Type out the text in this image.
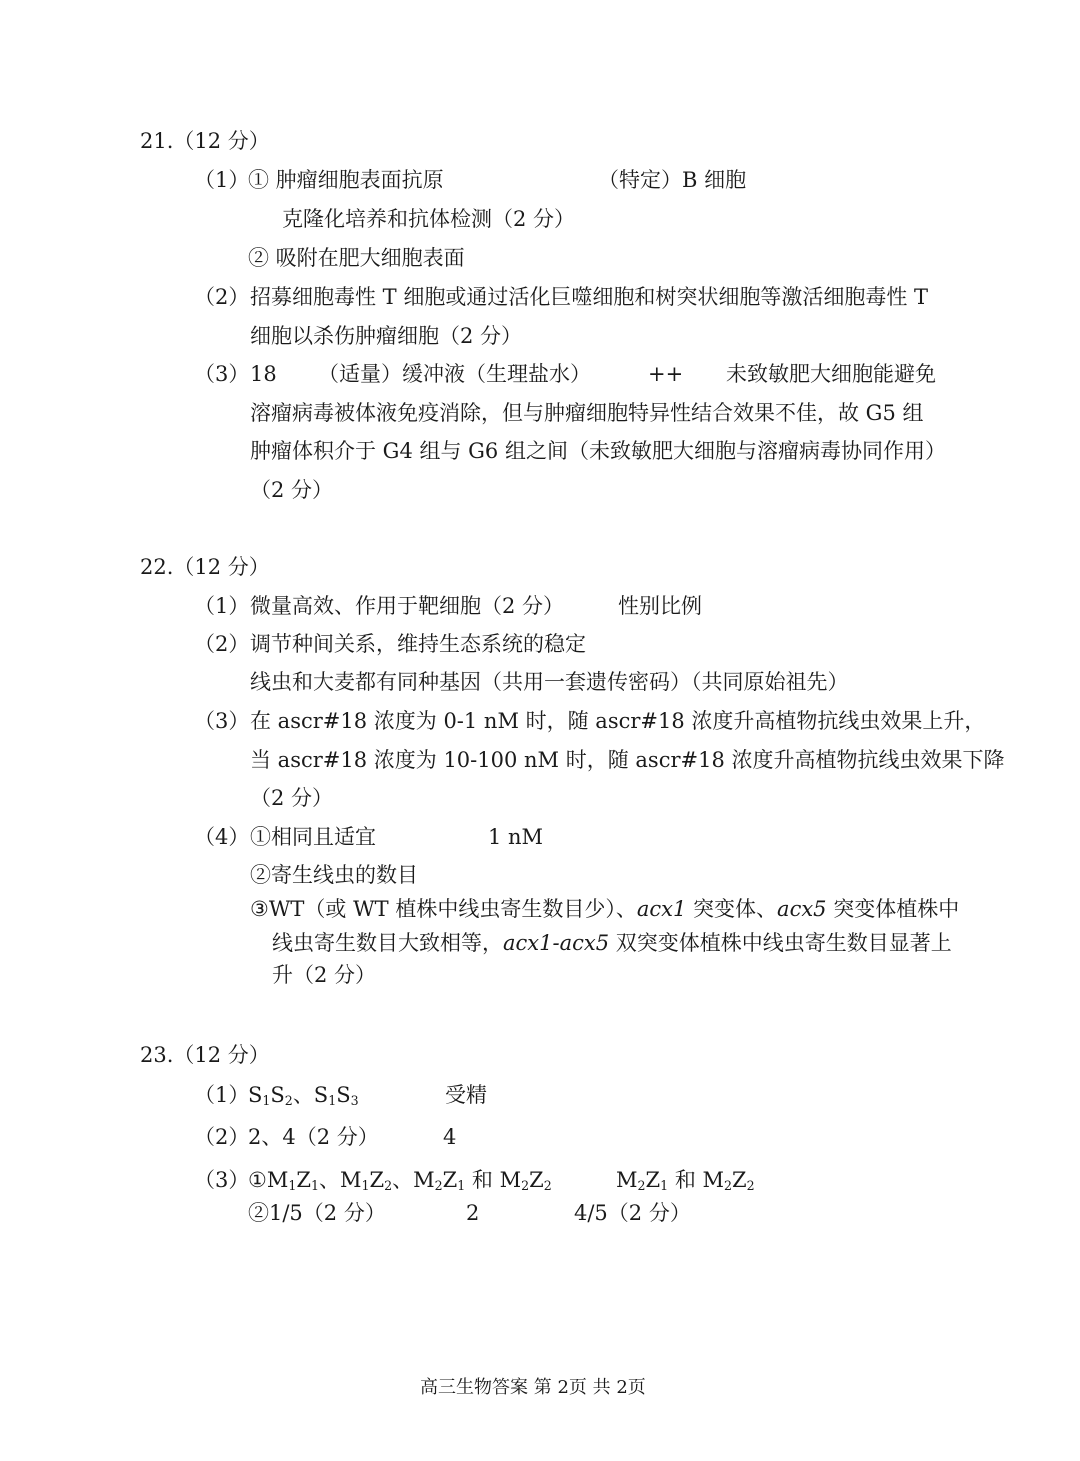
21.（12 分）
（1）
① 肿瘤细胞表面抗原	（特定）B 细胞
克隆化培养和抗体检测（2 分）
② 吸附在肥大细胞表面
（2） 招募细胞毒性 T 细胞或通过活化巨噬细胞和树突状细胞等激活细胞毒性 T
细胞以杀伤肿瘤细胞（2 分）
（3） 18 （适量）缓冲液（生理盐水）	++ 未致敏肥大细胞能避免
溶瘤病毒被体液免疫消除，但与肿瘤细胞特异性结合效果不佳，故 G5 组
肿瘤体积介于 G4 组与 G6 组之间（未致敏肥大细胞与溶瘤病毒协同作用）
（2 分）
22.（12 分）
（1） 微量高效、作用于靶细胞（2 分）	性别比例
（2） 调节种间关系，维持生态系统的稳定
线虫和大麦都有同种基因（共用一套遗传密码）（共同原始祖先）
（3） 在 ascr#18 浓度为 0-1 nM 时，随 ascr#18 浓度升高植物抗线虫效果上升，
当 ascr#18 浓度为 10-100 nM 时，随 ascr#18 浓度升高植物抗线虫效果下降
（2 分）
（4） ①相同且适宜	1 nM
②寄生线虫的数目
③WT（或 WT 植株中线虫寄生数目少）、acx1 突变体、acx5 突变体植株中
线虫寄生数目大致相等，acx1-acx5 双突变体植株中线虫寄生数目显著上
升（2 分）
23.（12 分）
（1）
$S_1S_2$、$S_1S_3$	受精
（2）
2、4（2 分）	4
（3）
$①M_1Z_1$、$M_1Z_2$、$M_2Z_1$ 和 $M_2Z_2$	$M_2Z_1$ 和 $M_2Z_2$
②1/5（2 分）	2	4/5（2 分）
高三生物答案 第 2页 共 2页
